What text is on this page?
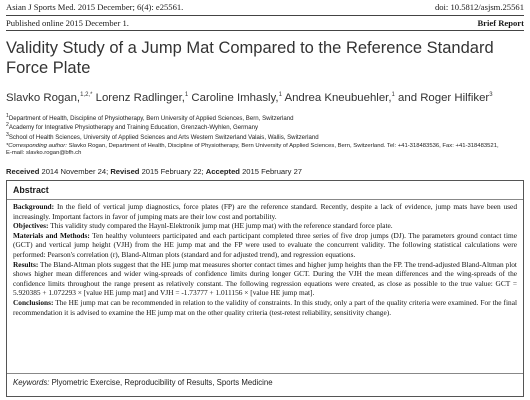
Asian J Sports Med. 2015 December; 6(4): e25561.	doi: 10.5812/asjsm.25561
Published online 2015 December 1.	Brief Report
Validity Study of a Jump Mat Compared to the Reference Standard Force Plate
Slavko Rogan,$^{1,2,*}$ Lorenz Radlinger,$^1$ Caroline Imhasly,$^1$ Andrea Kneubuehler,$^1$ and Roger Hilfiker$^3$
$^1$Department of Health, Discipline of Physiotherapy, Bern University of Applied Sciences, Bern, Switzerland
$^2$Academy for Integrative Physiotherapy and Training Education, Grenzach-Wyhlen, Germany
$^3$School of Health Sciences, University of Applied Sciences and Arts Western Switzerland Valais, Wallis, Switzerland
*Corresponding author: Slavko Rogan, Department of Health, Discipline of Physiotherapy, Bern University of Applied Sciences, Bern, Switzerland. Tel: +41-318483536, Fax: +41-318483521,
E-mail: slavko.rogan@bfh.ch
Received 2014 November 24; Revised 2015 February 22; Accepted 2015 February 27
Abstract

Background: In the field of vertical jump diagnostics, force plates (FP) are the reference standard. Recently, despite a lack of evidence, jump mats have been used increasingly. Important factors in favor of jumping mats are their low cost and portability.

Objectives: This validity study compared the Haynl-Elektronik jump mat (HE jump mat) with the reference standard force plate.

Materials and Methods: Ten healthy volunteers participated and each participant completed three series of five drop jumps (DJ). The parameters ground contact time (GCT) and vertical jump height (VJH) from the HE jump mat and the FP were used to evaluate the concurrent validity. The following statistical calculations were performed: Pearson's correlation (r), Bland-Altman plots (standard and for adjusted trend), and regression equations.

Results: The Bland-Altman plots suggest that the HE jump mat measures shorter contact times and higher jump heights than the FP. The trend-adjusted Bland-Altman plot shows higher mean differences and wider wing-spreads of confidence limits during longer GCT. During the VJH the mean differences and the wing-spreads of the confidence limits throughout the range present as relatively constant. The following regression equations were created, as close as possible to the true value: GCT = 5.920385 + 1.072293 × [value HE jump mat] and VJH = -1.73777 + 1.011156 × [value HE jump mat].

Conclusions: The HE jump mat can be recommended in relation to the validity of constraints. In this study, only a part of the quality criteria were examined. For the final recommendation it is advised to examine the HE jump mat on the other quality criteria (test-retest reliability, sensitivity change).

Keywords: Plyometric Exercise, Reproducibility of Results, Sports Medicine
